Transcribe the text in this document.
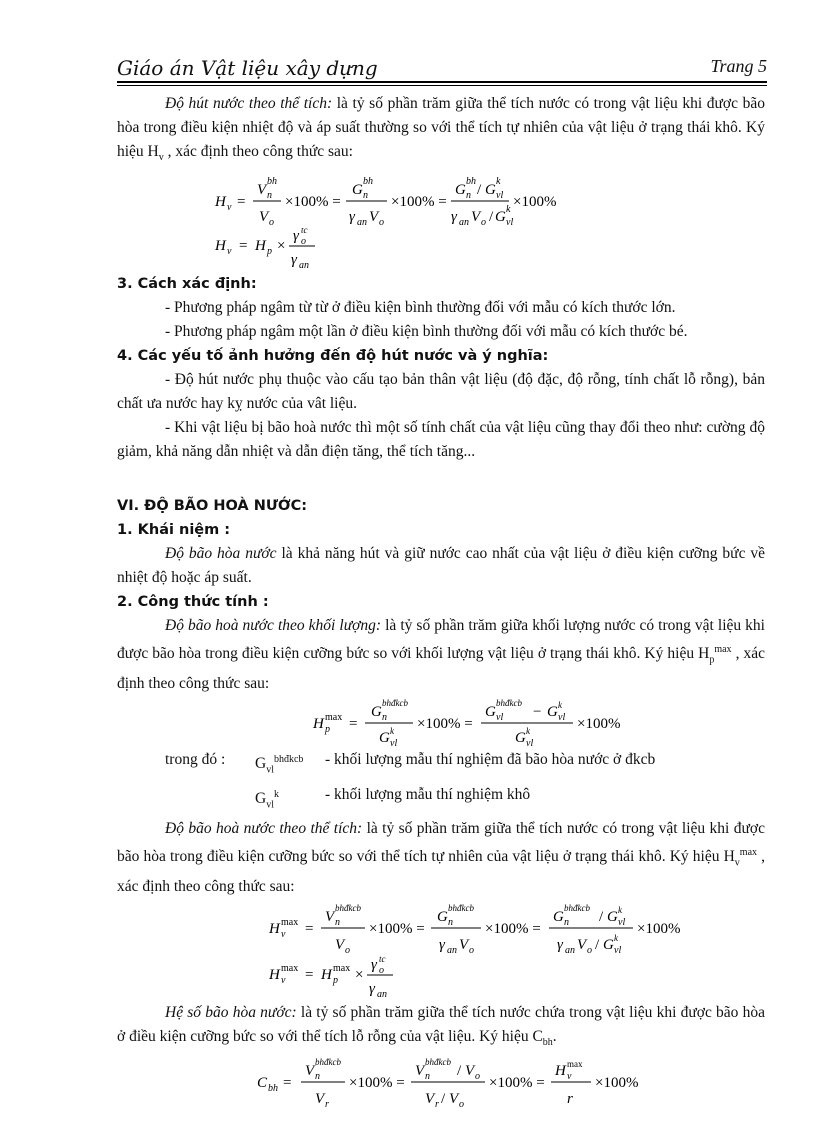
Giáo án Vật liệu xây dựng	Trang 5

Độ hút nước theo thể tích: là tỷ số phần trăm giữa thể tích nước có trong vật liệu khi được bão hòa trong điều kiện nhiệt độ và áp suất thường so với thể tích tự nhiên của vật liệu ở trạng thái khô. Ký hiệu $H_v$ , xác định theo công thức sau:

H v =
V n
bh
V o
×100% =
G n
bh
γ an V o
×100% =
G n
bh
/ G vl
k
γ an V o / G vl
k ×100%
H v = H p ×
γ o
tc
γ an
3. Cách xác định:

- Phương pháp ngâm từ từ ở điều kiện bình thường đối với mẫu có kích thước lớn.

- Phương pháp ngâm một lần ở điều kiện bình thường đối với mẫu có kích thước bé.

4. Các yếu tố ảnh hưởng đến độ hút nước và ý nghĩa:

- Độ hút nước phụ thuộc vào cấu tạo bản thân vật liệu (độ đặc, độ rỗng, tính chất lỗ rỗng), bản chất ưa nước hay kỵ nước của vât liệu.

- Khi vật liệu bị bão hoà nước thì một số tính chất của vật liệu cũng thay đổi theo như: cường độ giảm, khả năng dẫn nhiệt và dẫn điện tăng, thể tích tăng...

VI. ĐỘ BÃO HOÀ NƯỚC:
1. Khái niệm :

Độ bão hòa nước là khả năng hút và giữ nước cao nhất của vật liệu ở điều kiện cưỡng bức về nhiệt độ hoặc áp suất.

2. Công thức tính :

Độ bão hoà nước theo khối lượng: là tỷ số phần trăm giữa khối lượng nước có trong vật liệu khi được bão hòa trong điều kiện cưỡng bức so với khối lượng vật liệu ở trạng thái khô. Ký hiệu $H_p^{max}$ , xác định theo công thức sau:

H p
max =
G n
bhđkcb
G vl
k ×100% =
G vl
bhđkcb
− G vl
k
G vl
k	×100%
trong đó :	$G_{vl}^{bhđkcb}$	- khối lượng mẫu thí nghiệm đã bão hòa nước ở đkcb
$G_{vl}^k$	- khối lượng mẫu thí nghiệm khô

Độ bão hoà nước theo thể tích: là tỷ số phần trăm giữa thể tích nước có trong vật liệu khi được bão hòa trong điều kiện cưỡng bức so với thể tích tự nhiên của vật liệu ở trạng thái khô. Ký hiệu $H_v^{max}$ , xác định theo công thức sau:

H v
max =
V n
bhđkcb
V o
×100% =
G n
bhđkcb
γ an V o
×100% =
G n
bhđkcb
/ G vl
k
γ an V o / G vl
k
×100%
H v
max = H p
max ×
γ o
tc
γ an

Hệ số bão hòa nước: là tỷ số phần trăm giữa thể tích nước chứa trong vật liệu khi được bão hòa ở điều kiện cưỡng bức so với thể tích lỗ rỗng của vật liệu. Ký hiệu $C_{bh}$.

C bh =
V n
bhđkcb
V r
×100% =
V n
bhđkcb
/ V o
V r / V o
×100% =
H v
max
r
×100%
